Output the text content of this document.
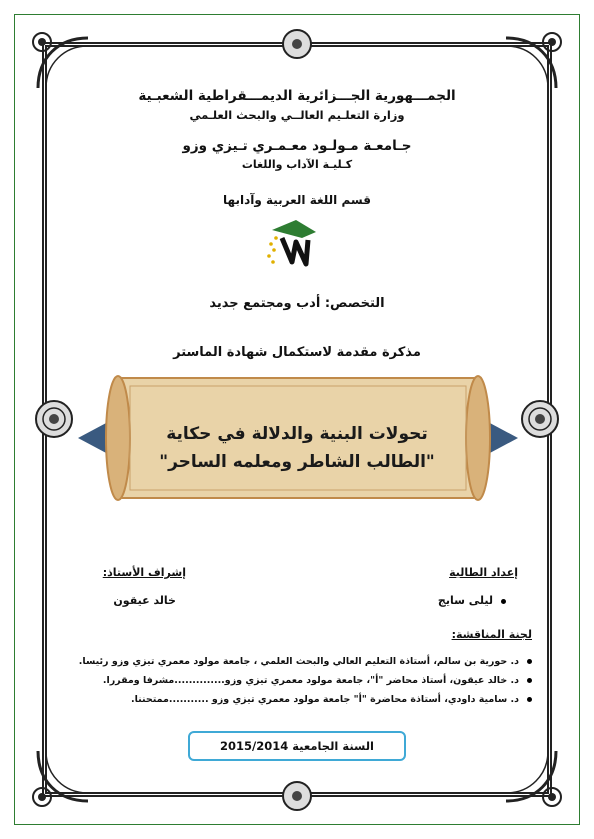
الجمـــهورية الجـــزائرية الديمـــقراطية الشعبـية
وزارة التعلـيم العالــي والبحث العلـمي
جـامعـة مـولـود معـمـري تـيزي وزو
كـليـة الآداب واللغات
قسم اللغة العربية وآدابها
التخصص: أدب ومجتمع جديد
مذكرة مقدمة لاستكمال شهادة الماستر
تحولات البنية والدلالة في حكاية
"الطالب الشاطر ومعلمه الساحر"
إعداد الطالبة
ليلى سايج
إشراف الأستاذ:
خالد عيقون
لجنة المناقشة:
د. حورية بن سالم، أستاذة التعليم العالي والبحث العلمي ، جامعة مولود معمري تيزي وزو رئيسا.
د. خالد عيقون، أستاذ محاضر "أ"، جامعة مولود معمري تيزي وزو..............مشرفا ومقررا.
د. سامية داودي، أستاذة محاضرة "أ" جامعة مولود معمري تيزي وزو ...........ممتحننا.
السنة الجامعية 2015/2014
